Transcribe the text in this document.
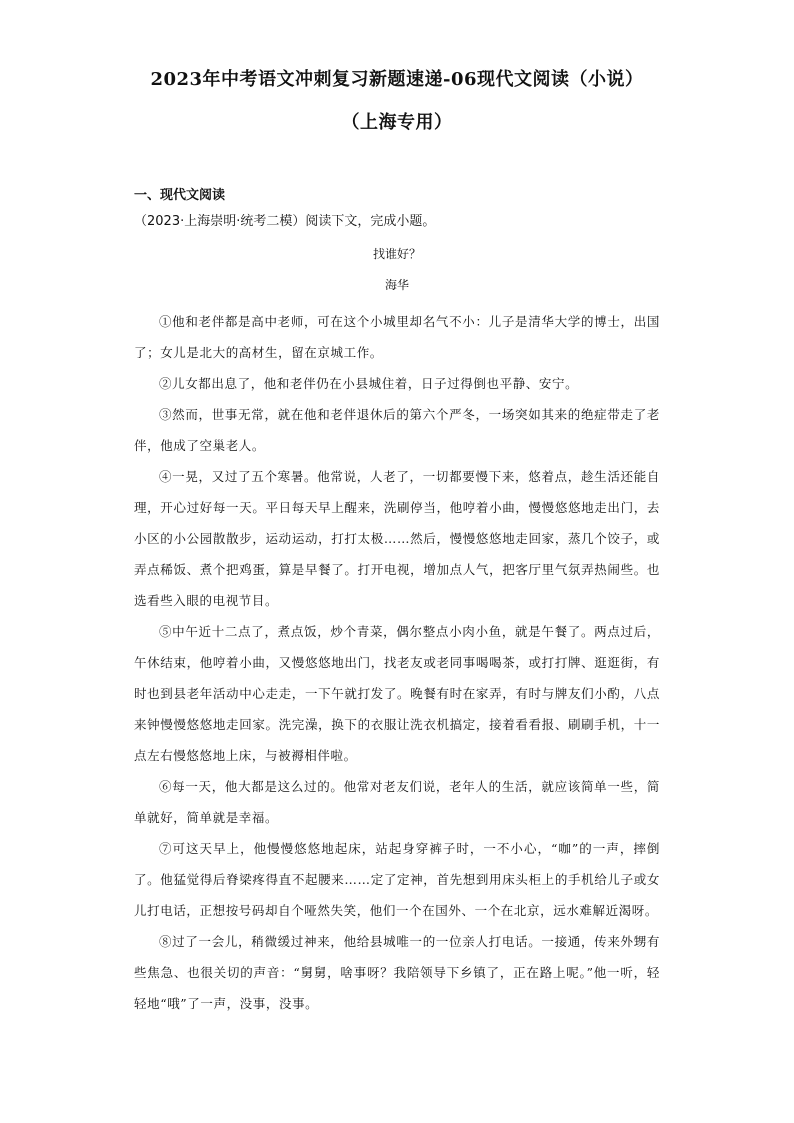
2023年中考语文冲刺复习新题速递-06现代文阅读（小说）
（上海专用）
一、现代文阅读
（2023·上海崇明·统考二模）阅读下文，完成小题。
找谁好？
海华

①他和老伴都是高中老师，可在这个小城里却名气不小：儿子是清华大学的博士，出国了；女儿是北大的高材生，留在京城工作。

②儿女都出息了，他和老伴仍在小县城住着，日子过得倒也平静、安宁。

③然而，世事无常，就在他和老伴退休后的第六个严冬，一场突如其来的绝症带走了老伴，他成了空巢老人。

④一晃，又过了五个寒暑。他常说，人老了，一切都要慢下来，悠着点，趁生活还能自理，开心过好每一天。平日每天早上醒来，洗刷停当，他哼着小曲，慢慢悠悠地走出门，去小区的小公园散散步，运动运动，打打太极……然后，慢慢悠悠地走回家，蒸几个饺子，或弄点稀饭、煮个把鸡蛋，算是早餐了。打开电视，增加点人气，把客厅里气氛弄热闹些。也选看些入眼的电视节目。

⑤中午近十二点了，煮点饭，炒个青菜，偶尔整点小肉小鱼，就是午餐了。两点过后，午休结束，他哼着小曲，又慢悠悠地出门，找老友或老同事喝喝茶，或打打牌、逛逛街，有时也到县老年活动中心走走，一下午就打发了。晚餐有时在家弄，有时与牌友们小酌，八点来钟慢慢悠悠地走回家。洗完澡，换下的衣服让洗衣机搞定，接着看看报、刷刷手机，十一点左右慢悠悠地上床，与被褥相伴啦。

⑥每一天，他大都是这么过的。他常对老友们说，老年人的生活，就应该简单一些，简单就好，简单就是幸福。

⑦可这天早上，他慢慢悠悠地起床，站起身穿裤子时，一不小心，“咖”的一声，摔倒了。他猛觉得后脊梁疼得直不起腰来……定了定神，首先想到用床头柜上的手机给儿子或女儿打电话，正想按号码却自个哑然失笑，他们一个在国外、一个在北京，远水难解近渴呀。

⑧过了一会儿，稍微缓过神来，他给县城唯一的一位亲人打电话。一接通，传来外甥有些焦急、也很关切的声音：“舅舅，啥事呀？我陪领导下乡镇了，正在路上呢。”他一听，轻轻地“哦”了一声，没事，没事。
